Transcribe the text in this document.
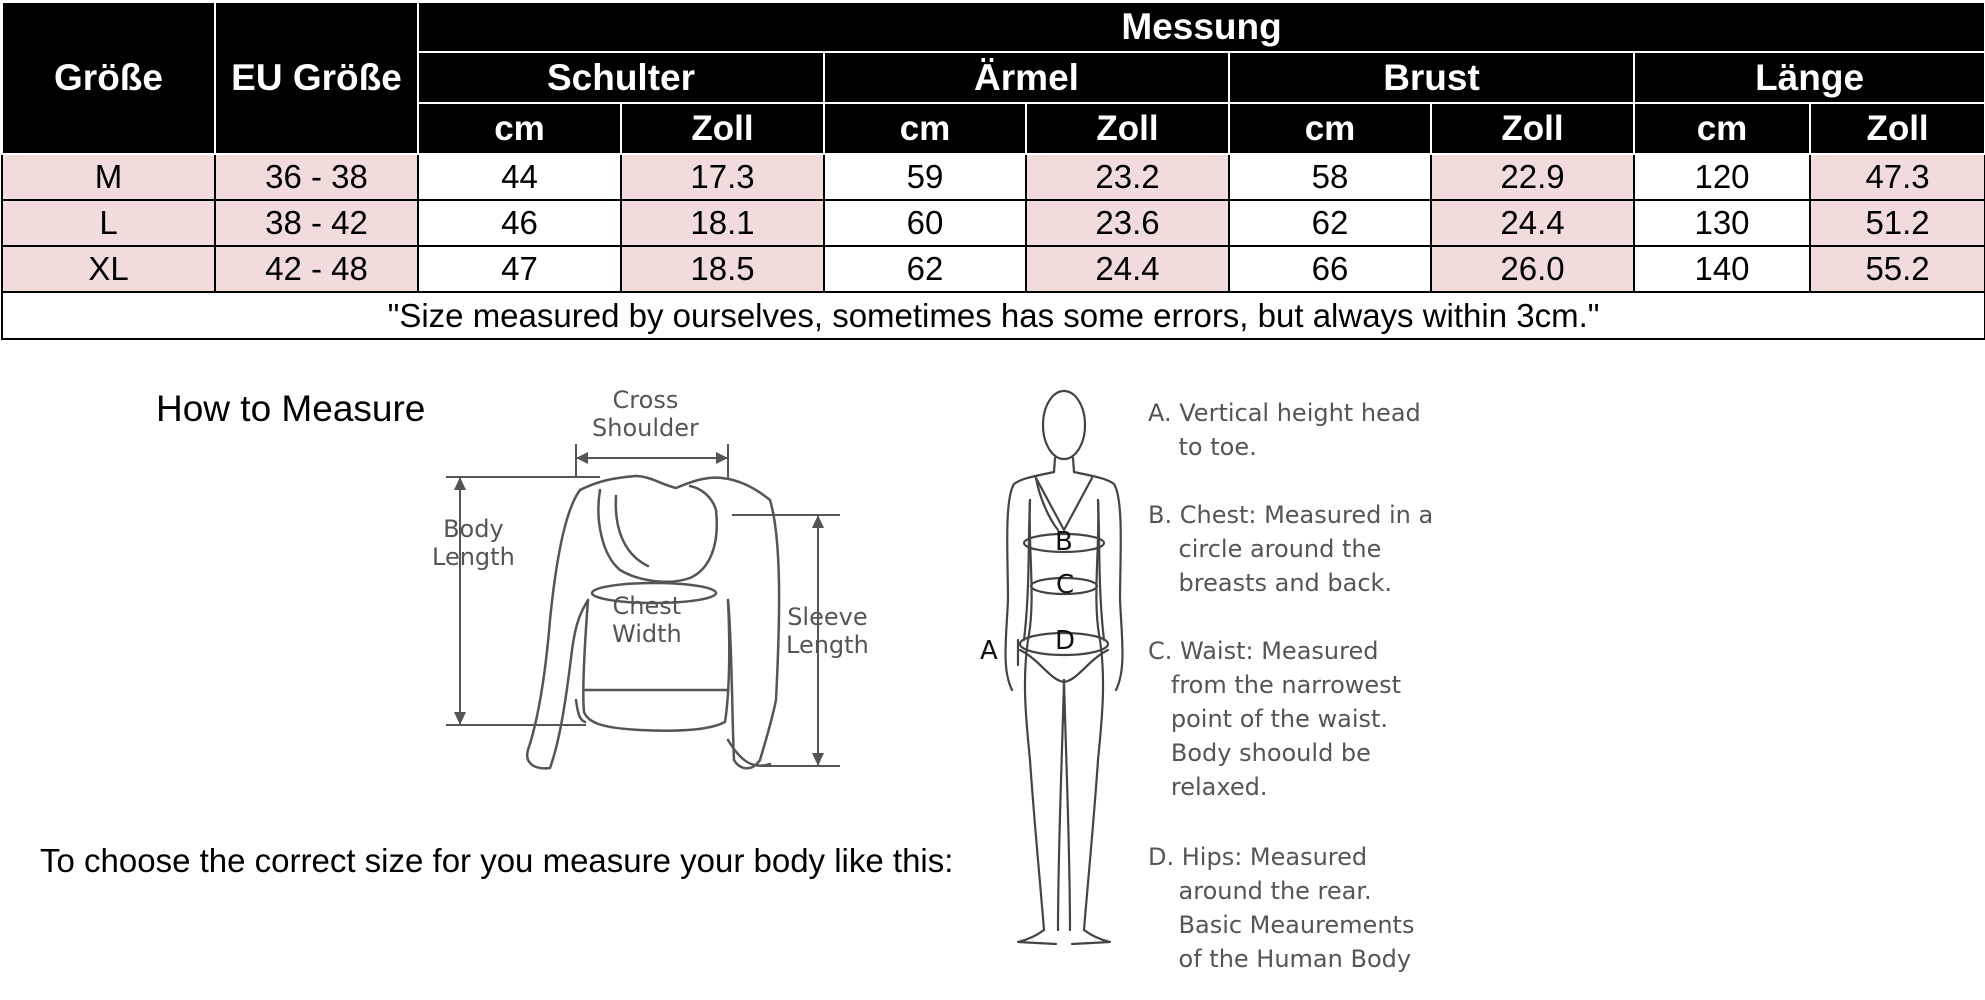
Größe	EU Größe	Messung							
		Schulter		Ärmel		Brust		Länge	
		cm	Zoll	cm	Zoll	cm	Zoll	cm	Zoll
M	36 - 38	44	17.3	59	23.2	58	22.9	120	47.3
L	38 - 42	46	18.1	60	23.6	62	24.4	130	51.2
XL	42 - 48	47	18.5	62	24.4	66	26.0	140	55.2
"Size measured by ourselves, sometimes has some errors, but always within 3cm."									
How to Measure
To choose the correct size for you measure your body like this:
Cross
Shoulder
Body
Length
Chest
Width
Sleeve
Length
B
C
D
A
A. Vertical height head
to toe.
B. Chest: Measured in a
circle around the
breasts and back.
C. Waist: Measured
from the narrowest
point of the waist.
Body shoould be
relaxed.
D. Hips: Measured
around the rear.
Basic Meaurements
of the Human Body
